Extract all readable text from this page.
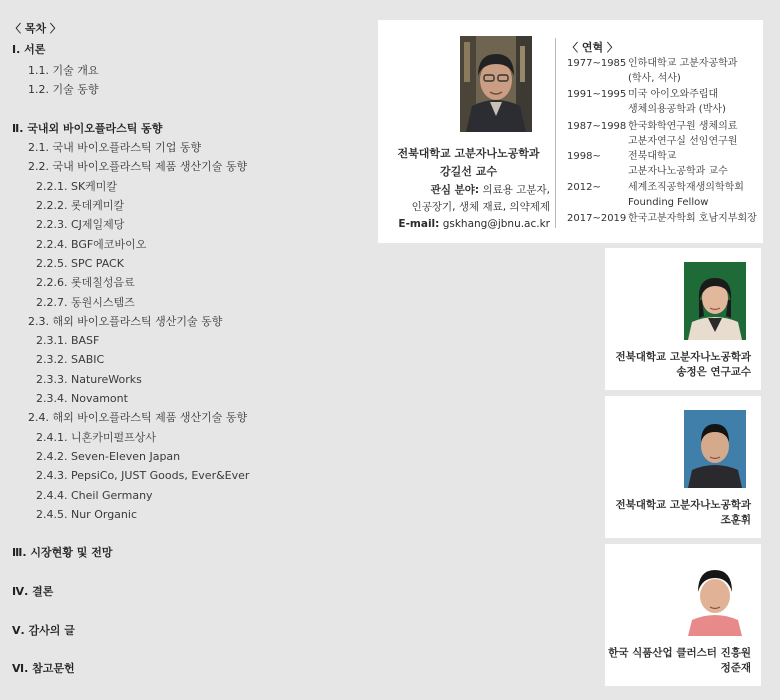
〈 목차 〉
Ⅰ. 서론
1.1. 기술 개요
1.2. 기술 동향
Ⅱ. 국내외 바이오플라스틱 동향
2.1. 국내 바이오플라스틱 기업 동향
2.2. 국내 바이오플라스틱 제품 생산기술 동향
2.2.1. SK케미칼
2.2.2. 롯데케미칼
2.2.3. CJ제일제당
2.2.4. BGF에코바이오
2.2.5. SPC PACK
2.2.6. 롯데칠성음료
2.2.7. 동원시스템즈
2.3. 해외 바이오플라스틱 생산기술 동향
2.3.1. BASF
2.3.2. SABIC
2.3.3. NatureWorks
2.3.4. Novamont
2.4. 해외 바이오플라스틱 제품 생산기술 동향
2.4.1. 니혼카미펄프상사
2.4.2. Seven-Eleven Japan
2.4.3. PepsiCo, JUST Goods, Ever&Ever
2.4.4. Cheil Germany
2.4.5. Nur Organic
Ⅲ. 시장현황 및 전망
Ⅳ. 결론
Ⅴ. 감사의 글
Ⅵ. 참고문헌
전북대학교 고분자나노공학과
강길선 교수
관심 분야: 의료용 고분자,
인공장기, 생체 재료, 의약제제
E-mail: gskhang@jbnu.ac.kr
〈 연혁 〉
1977~1985 인하대학교 고분자공학과
(학사, 석사)
1991~1995 미국 아이오와주립대
생체의용공학과 (박사)
1987~1998 한국화학연구원 생체의료
고분자연구실 선임연구원
1998~	전북대학교
고분자나노공학과 교수
2012~	세계조직공학재생의학학회
Founding Fellow
2017~2019 한국고분자학회 호남지부회장
전북대학교 고분자나노공학과
송정은 연구교수
전북대학교 고분자나노공학과
조훈휘
한국 식품산업 클러스터 진흥원
정준재
